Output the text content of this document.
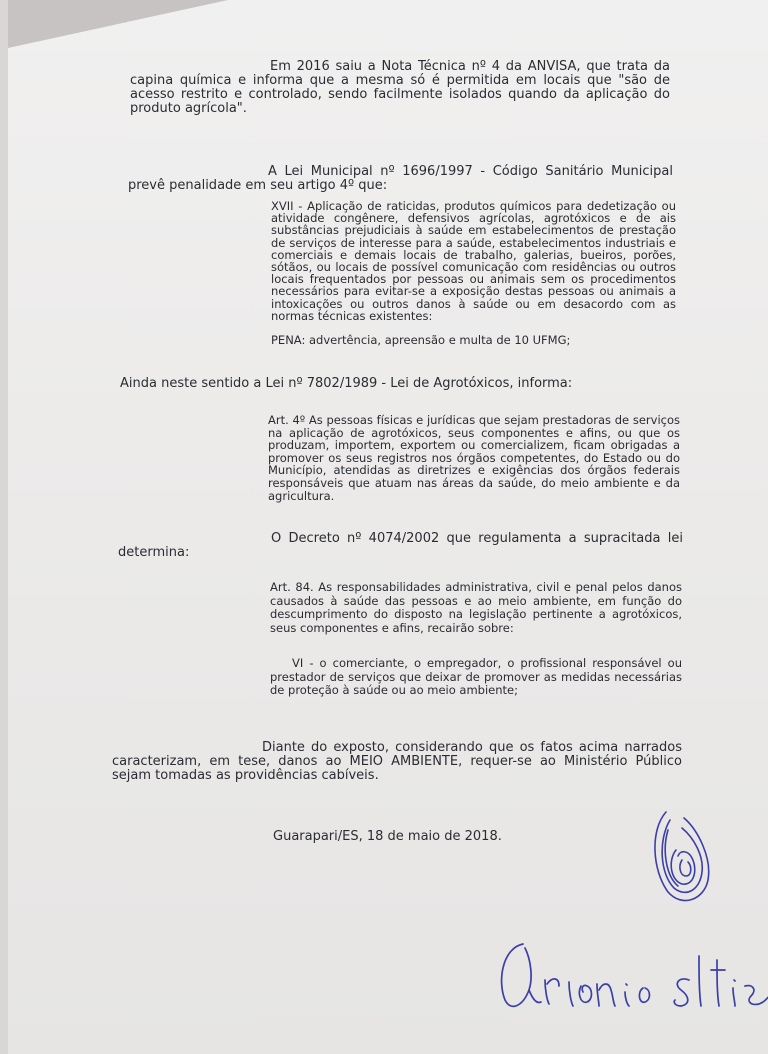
Em 2016 saiu a Nota Técnica nº 4 da ANVISA, que trata da capina química e informa que a mesma só é permitida em locais que "são de acesso restrito e controlado, sendo facilmente isolados quando da aplicação do produto agrícola".

A Lei Municipal nº 1696/1997 - Código Sanitário Municipal prevê penalidade em seu artigo 4º que:

XVII - Aplicação de raticidas, produtos químicos para dedetização ou atividade congênere, defensivos agrícolas, agrotóxicos e de ais substâncias prejudiciais à saúde em estabelecimentos de prestação de serviços de interesse para a saúde, estabelecimentos industriais e comerciais e demais locais de trabalho, galerias, bueiros, porões, sótãos, ou locais de possível comunicação com residências ou outros locais frequentados por pessoas ou animais sem os procedimentos necessários para evitar-se a exposição destas pessoas ou animais a intoxicações ou outros danos à saúde ou em desacordo com as normas técnicas existentes:

PENA: advertência, apreensão e multa de 10 UFMG;

Ainda neste sentido a Lei nº 7802/1989 - Lei de Agrotóxicos, informa:

Art. 4º As pessoas físicas e jurídicas que sejam prestadoras de serviços na aplicação de agrotóxicos, seus componentes e afins, ou que os produzam, importem, exportem ou comercializem, ficam obrigadas a promover os seus registros nos órgãos competentes, do Estado ou do Município, atendidas as diretrizes e exigências dos órgãos federais responsáveis que atuam nas áreas da saúde, do meio ambiente e da agricultura.

O Decreto nº 4074/2002 que regulamenta a supracitada lei determina:

Art. 84. As responsabilidades administrativa, civil e penal pelos danos causados à saúde das pessoas e ao meio ambiente, em função do descumprimento do disposto na legislação pertinente a agrotóxicos, seus componentes e afins, recairão sobre:

VI - o comerciante, o empregador, o profissional responsável ou prestador de serviços que deixar de promover as medidas necessárias de proteção à saúde ou ao meio ambiente;

Diante do exposto, considerando que os fatos acima narrados caracterizam, em tese, danos ao MEIO AMBIENTE, requer-se ao Ministério Público sejam tomadas as providências cabíveis.

Guarapari/ES, 18 de maio de 2018.
